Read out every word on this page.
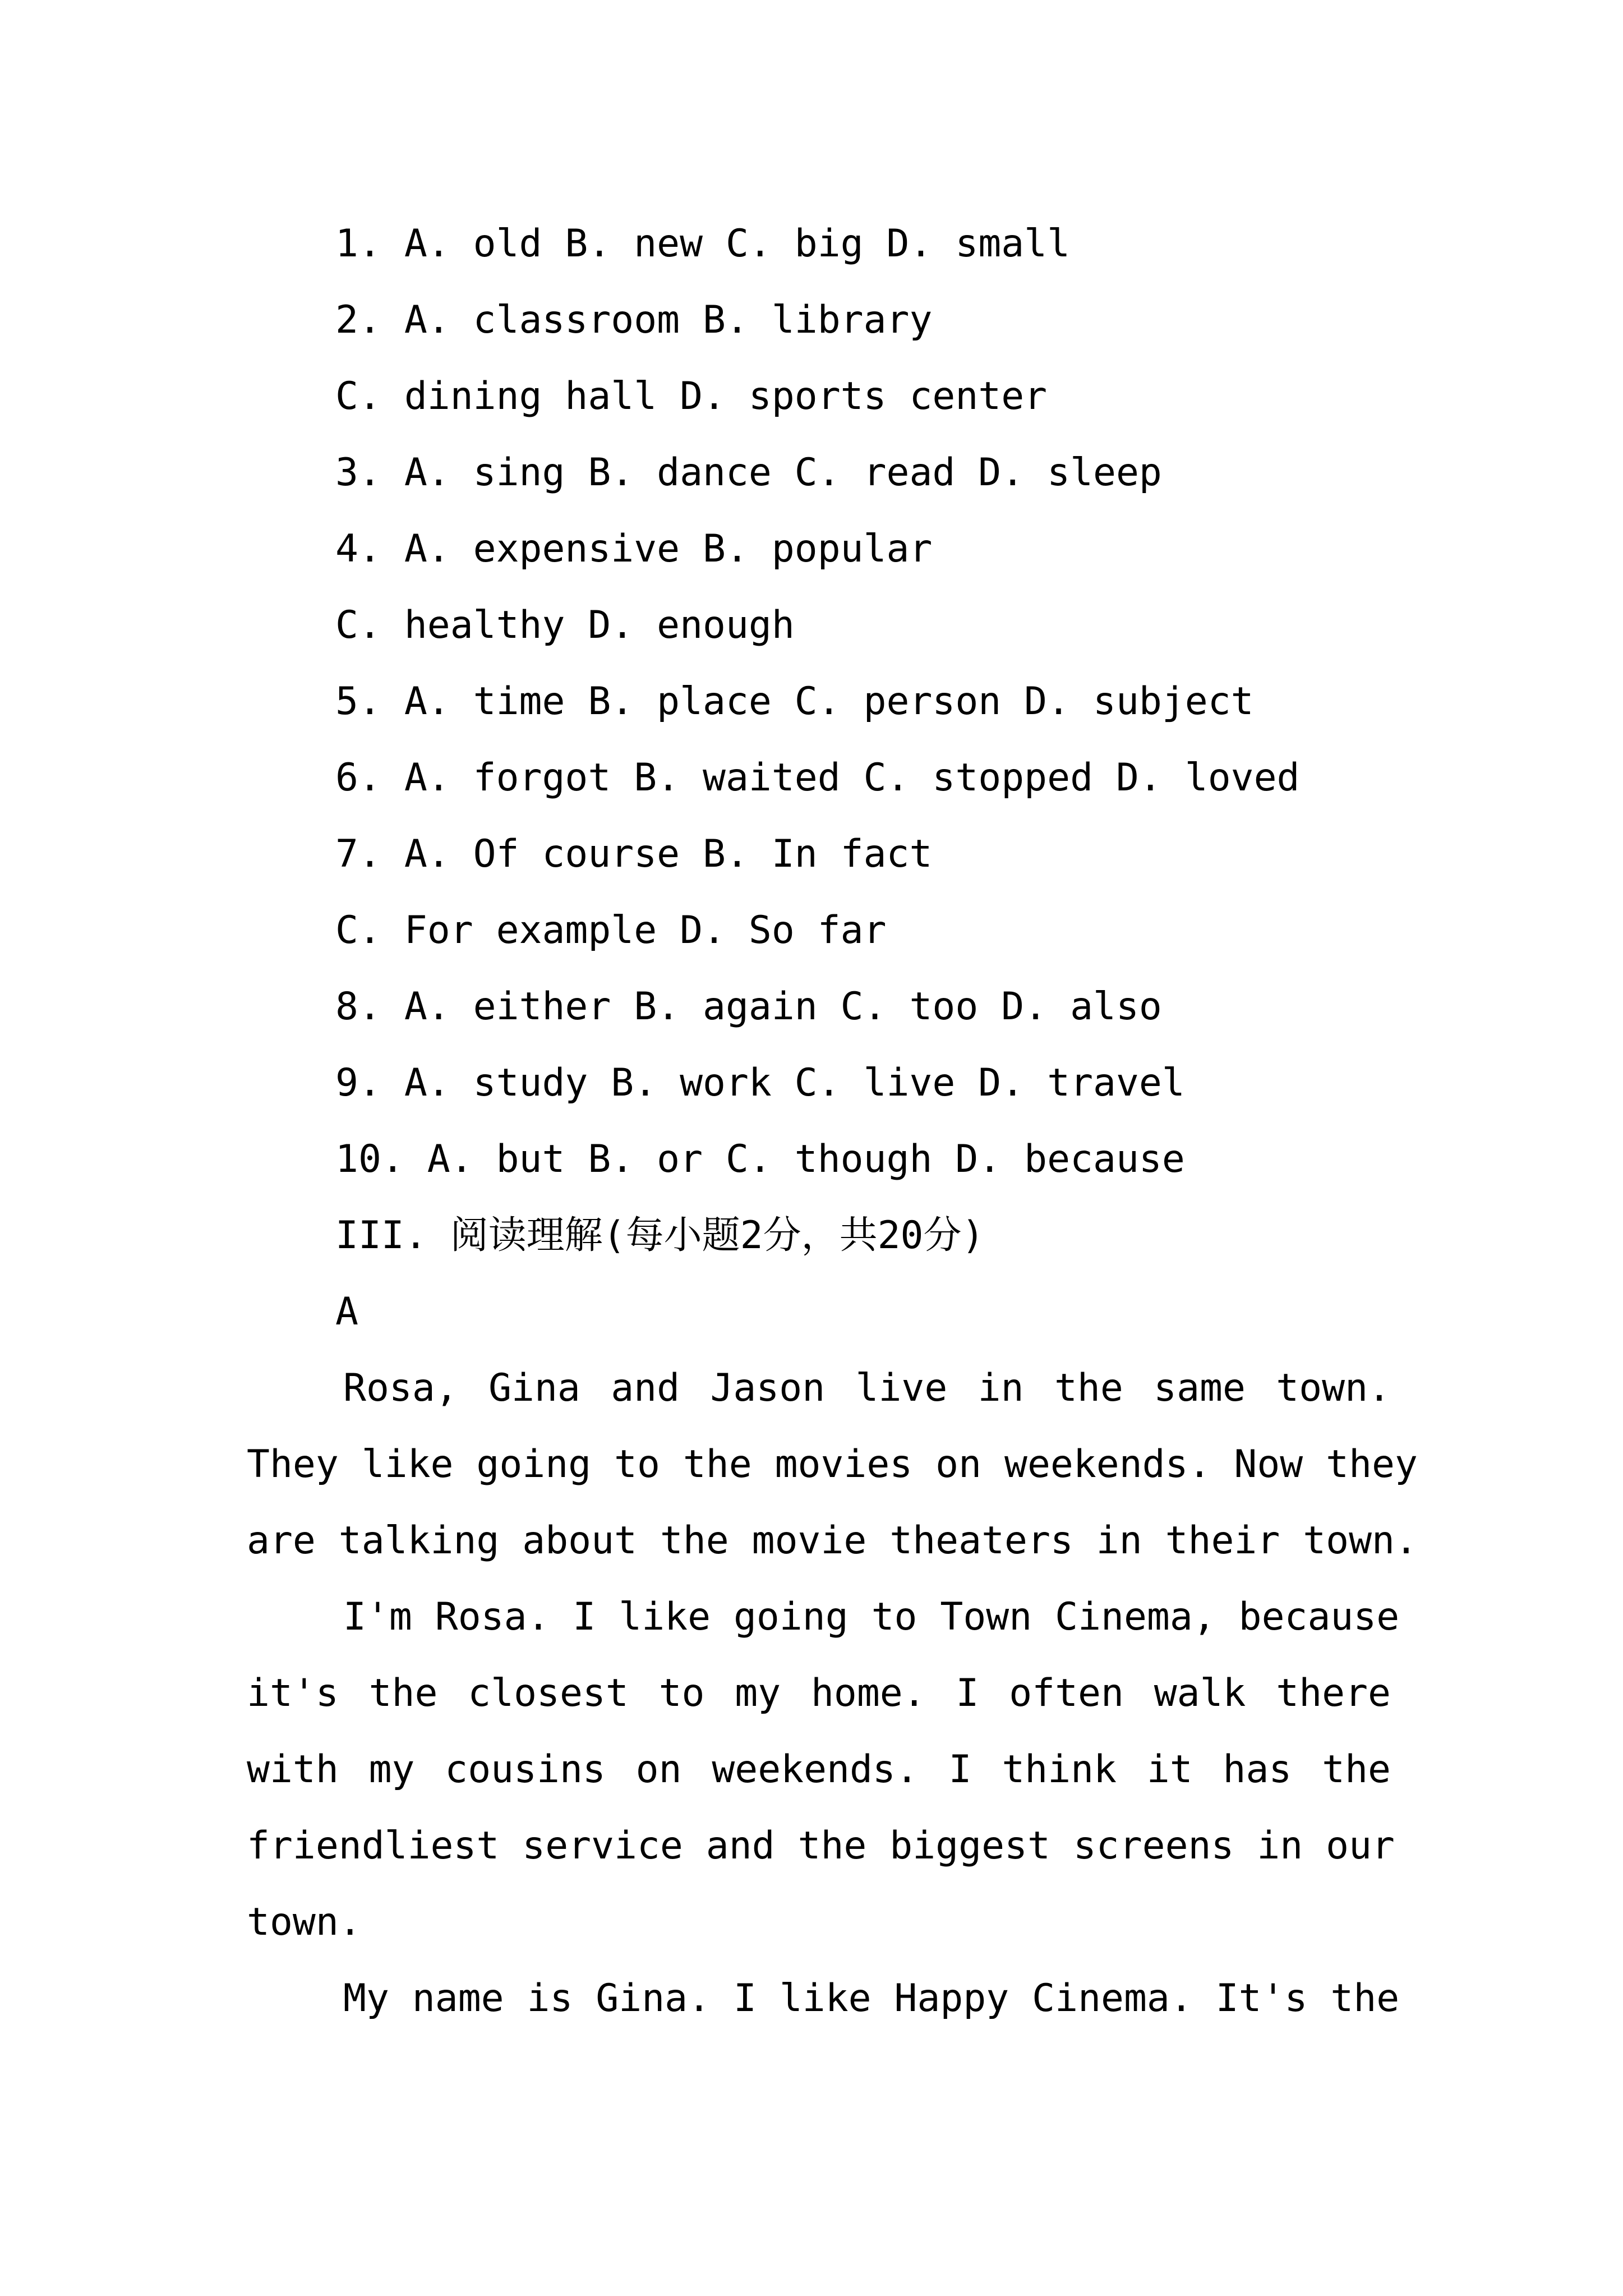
1. A. old B. new C. big D. small
2. A. classroom B. library
C. dining hall D. sports center
3. A. sing B. dance C. read D. sleep
4. A. expensive B. popular
C. healthy D. enough
5. A. time B. place C. person D. subject
6. A. forgot B. waited C. stopped D. loved
7. A. Of course B. In fact
C. For example D. So far
8. A. either B. again C. too D. also
9. A. study B. work C. live D. travel
10. A. but B. or C. though D. because
III. 阅读理解(每小题2分，共20分)
A
Rosa, Gina and Jason live in the same town.
They like going to the movies on weekends. Now they
are talking about the movie theaters in their town.
I'm Rosa. I like going to Town Cinema, because
it's the closest to my home. I often walk there
with my cousins on weekends. I think it has the
friendliest service and the biggest screens in our
town.
My name is Gina. I like Happy Cinema. It's the
